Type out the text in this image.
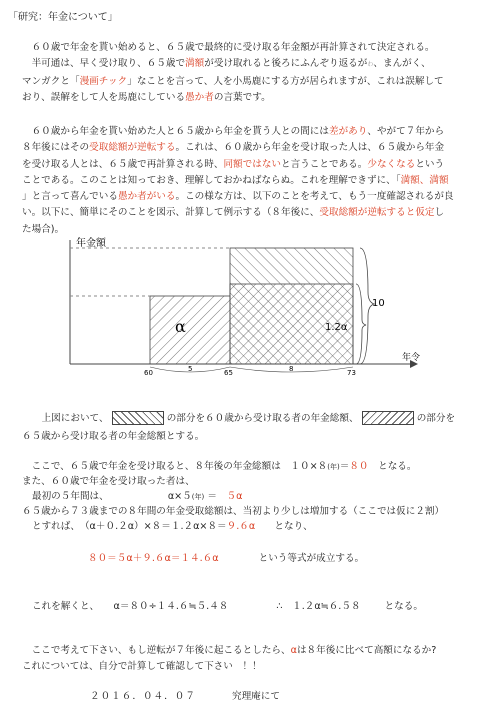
「研究：年金について」

　６０歳で年金を貰い始めると、６５歳で最終的に受け取る年金額が再計算されて決定される。

　半可通は、早く受け取り、６５歳で満額が受け取れると後ろにふんぞり返るがわ、まんがく、

マンガクと「漫画チック」なことを言って、人を小馬鹿にする方が居られますが、これは誤解して

おり、誤解をして人を馬鹿にしている愚か者の言葉です。

　６０歳から年金を貰い始めた人と６５歳から年金を貰う人との間には差があり、やがて７年から

８年後にはその受取総額が逆転する。これは、６０歳から年金を受け取った人は、６５歳から年金

を受け取る人とは、６５歳で再計算される時、同額ではないと言うことである。少なくなるという

ことである。このことは知っておき、理解しておかねばならぬ。これを理解できずに、「満額、満額

」と言って喜んでいる愚か者がいる。この様な方は、以下のことを考えて、もう一度確認されるが良

い。以下に、簡単にそのことを図示、計算して例示する（８年後に、受取総額が逆転すると仮定し

た場合)。

年金額
年令
α	1.2α
10
60	5	65	8	73
　上図において、	の部分を６０歳から受け取る者の年金総額、	の部分を
６５歳から受け取る者の年金総額とする。
　ここで、６５歳で年金を受け取ると、８年後の年金総額は　１０×８(年)＝８０　となる。
また、６０歳で年金を受け取った者は、
最初の５年間は、	α×５(年) ＝　５α
６５歳から７３歳までの８年間の年金受取総額は、当初より少しは増加する（ここでは仮に２割）
とすれば、　（α＋０.２α）×８＝１.２α×８＝９.６α　　となり、
８０＝５α＋９.６α＝１４.６α	という等式が成立する。
これを解くと、　　α＝８０÷１４.６≒５.４８	∴　１.２α≒６.５８	となる。
　ここで考えて下さい、もし逆転が７年後に起こるとしたら、αは８年後に比べて高額になるか?
これについては、自分で計算して確認して下さい　！！
２０１６．０４．０７	究理庵にて
